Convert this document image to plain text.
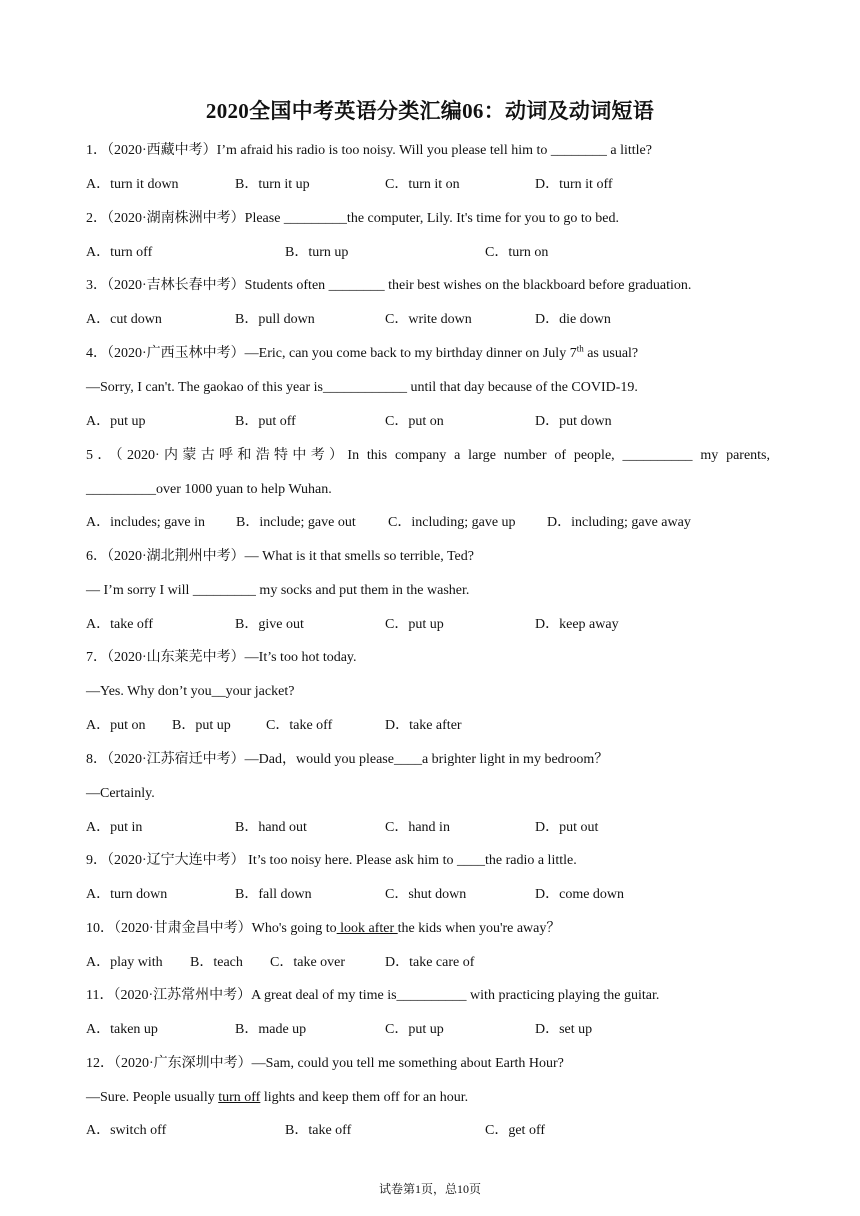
2020全国中考英语分类汇编06：动词及动词短语
1．（2020·西藏中考）I’m afraid his radio is too noisy. Will you please tell him to ________ a little?
A．turn it down	B．turn it up	C．turn it on	D．turn it off
2．（2020·湖南株洲中考）Please _________the computer, Lily. It's time for you to go to bed.
A．turn off	B．turn up	C．turn on
3．（2020·吉林长春中考）Students often ________ their best wishes on the blackboard before graduation.
A．cut down	B．pull down	C．write down	D．die down
4．（2020·广西玉林中考）—Eric, can you come back to my birthday dinner on July 7th as usual?
—Sorry, I can't. The gaokao of this year is____________ until that day because of the COVID-19.
A．put up	B．put off	C．put on	D．put down
5．（2020·内蒙古呼和浩特中考）In this company a large number of people, __________ my parents,
__________over 1000 yuan to help Wuhan.
A．includes; gave in B．include; gave out C．including; gave up D．including; gave away
6．（2020·湖北荆州中考）— What is it that smells so terrible, Ted?
— I’m sorry I will _________ my socks and put them in the washer.
A．take off	B．give out	C．put up	D．keep away
7．（2020·山东莱芜中考）—It’s too hot today.
—Yes. Why don’t you__your jacket?
A．put on B．put up	C．take off	D．take after
8．（2020·江苏宿迁中考）—Dad，would you please____a brighter light in my bedroom？
—Certainly.
A．put in	B．hand out	C．hand in	D．put out
9．（2020·辽宁大连中考） It’s too noisy here. Please ask him to ____the radio a little.
A．turn down	B．fall down	C．shut down	D．come down
10．（2020·甘肃金昌中考）Who's going to look after the kids when you're away？
A．play with B．teach C．take over	D．take care of
11．（2020·江苏常州中考）A great deal of my time is__________ with practicing playing the guitar.
A．taken up	B．made up	C．put up	D．set up
12．（2020·广东深圳中考）—Sam, could you tell me something about Earth Hour?
—Sure. People usually turn off lights and keep them off for an hour.
A．switch off	B．take off	C．get off
试卷第1页，总10页
